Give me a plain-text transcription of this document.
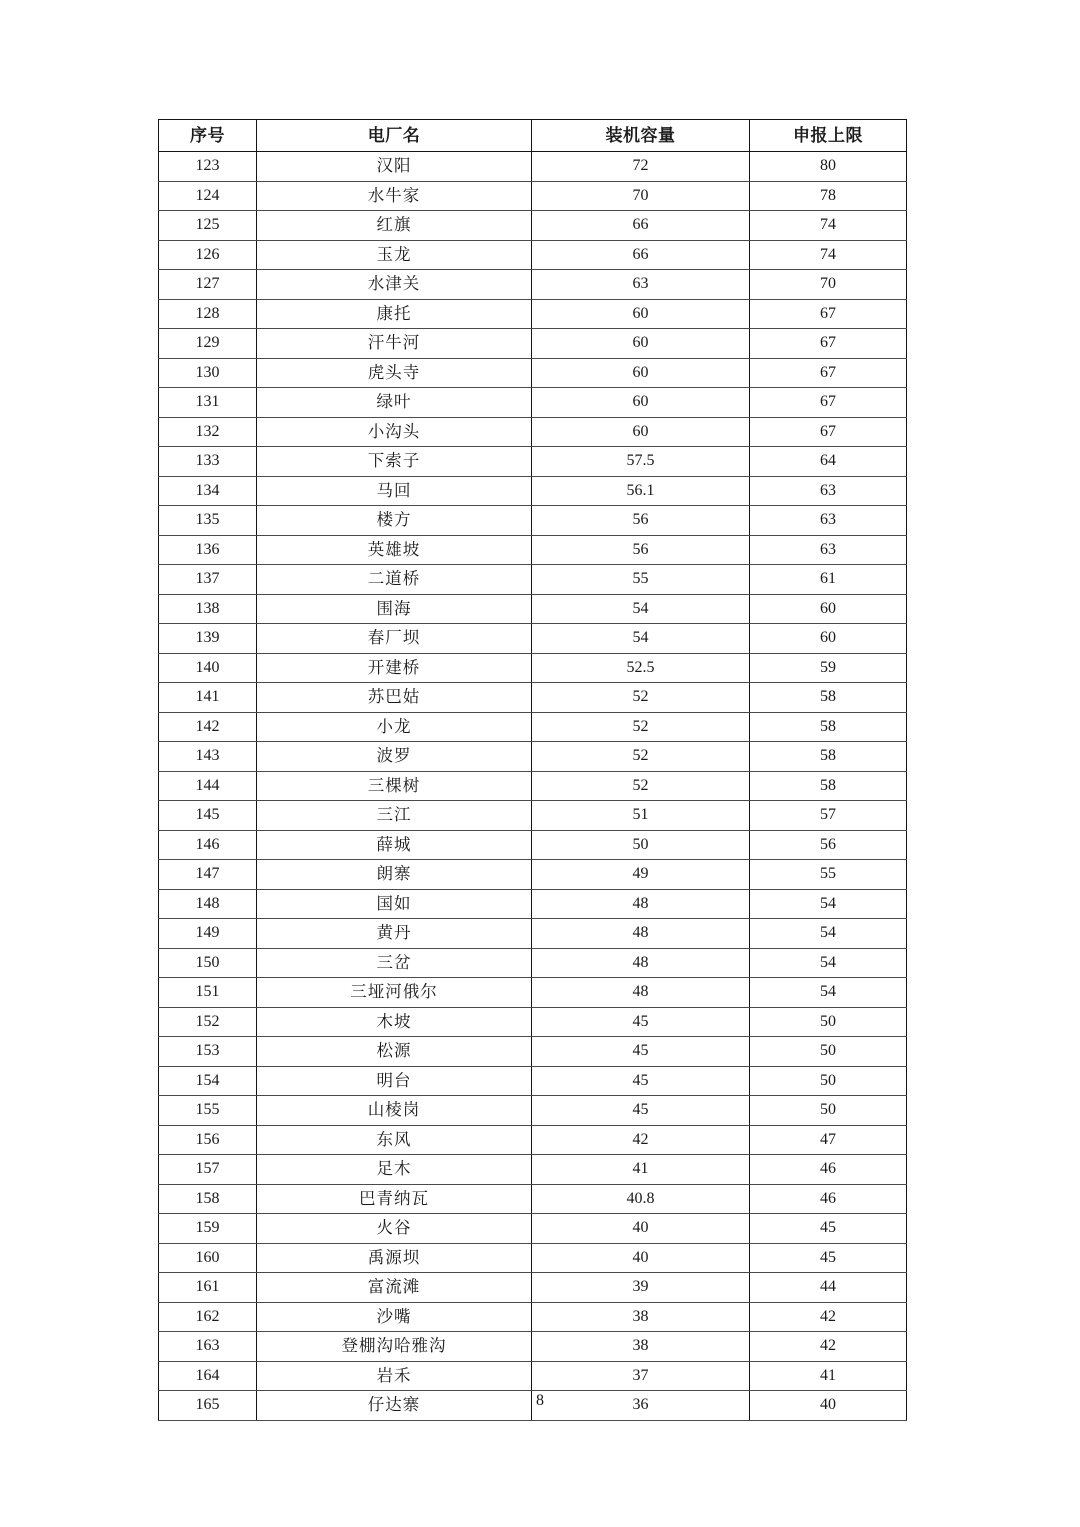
序号	电厂名	装机容量	申报上限
123	汉阳	72	80
124	水牛家	70	78
125	红旗	66	74
126	玉龙	66	74
127	水津关	63	70
128	康托	60	67
129	汗牛河	60	67
130	虎头寺	60	67
131	绿叶	60	67
132	小沟头	60	67
133	下索子	57.5	64
134	马回	56.1	63
135	楼方	56	63
136	英雄坡	56	63
137	二道桥	55	61
138	围海	54	60
139	春厂坝	54	60
140	开建桥	52.5	59
141	苏巴姑	52	58
142	小龙	52	58
143	波罗	52	58
144	三棵树	52	58
145	三江	51	57
146	薛城	50	56
147	朗寨	49	55
148	国如	48	54
149	黄丹	48	54
150	三岔	48	54
151	三垭河俄尔	48	54
152	木坡	45	50
153	松源	45	50
154	明台	45	50
155	山棱岗	45	50
156	东风	42	47
157	足木	41	46
158	巴青纳瓦	40.8	46
159	火谷	40	45
160	禹源坝	40	45
161	富流滩	39	44
162	沙嘴	38	42
163	登棚沟哈雅沟	38	42
164	岩禾	37	41
165	仔达寨	36	40
8
